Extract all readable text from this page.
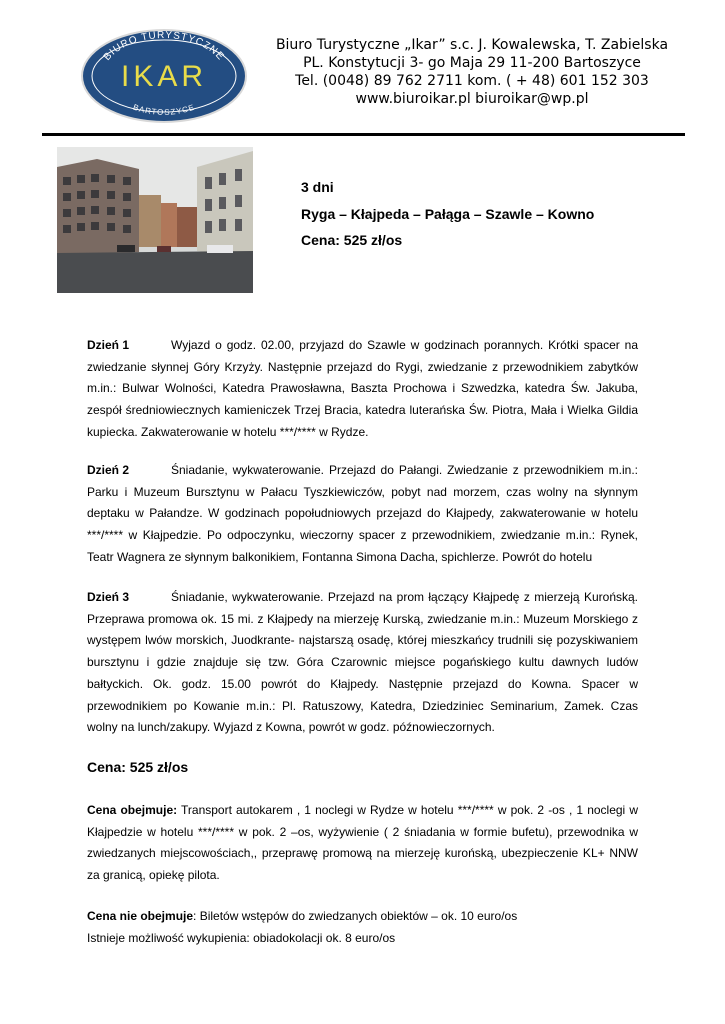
BIURO TURYSTYCZNE
IKAR
BARTOSZYCE
Biuro Turystyczne „Ikar” s.c. J. Kowalewska, T. Zabielska
PL. Konstytucji 3- go Maja 29 11-200 Bartoszyce
Tel. (0048) 89 762 2711 kom. ( + 48) 601 152 303
www.biuroikar.pl biuroikar@wp.pl
3 dni
Ryga – Kłajpeda – Pałąga – Szawle – Kowno
Cena: 525 zł/os
Dzień 1	Wyjazd o godz. 02.00, przyjazd do Szawle w godzinach porannych. Krótki spacer na zwiedzanie słynnej Góry Krzyży. Następnie przejazd do Rygi, zwiedzanie z przewodnikiem zabytków m.in.: Bulwar Wolności, Katedra Prawosławna, Baszta Prochowa i Szwedzka, katedra Św. Jakuba, zespół średniowiecznych kamieniczek Trzej Bracia, katedra luterańska Św. Piotra, Mała i Wielka Gildia kupiecka. Zakwaterowanie w hotelu ***/**** w Rydze.
Dzień 2	Śniadanie, wykwaterowanie. Przejazd do Pałangi. Zwiedzanie z przewodnikiem m.in.: Parku i Muzeum Bursztynu w Pałacu Tyszkiewiczów, pobyt nad morzem, czas wolny na słynnym deptaku w Pałandze. W godzinach popołudniowych przejazd do Kłajpedy, zakwaterowanie w hotelu ***/**** w Kłajpedzie. Po odpoczynku, wieczorny spacer z przewodnikiem, zwiedzanie m.in.: Rynek, Teatr Wagnera ze słynnym balkonikiem, Fontanna Simona Dacha, spichlerze. Powrót do hotelu
Dzień 3	Śniadanie, wykwaterowanie. Przejazd na prom łączący Kłajpedę z mierzeją Kurońską. Przeprawa promowa ok. 15 mi. z Kłajpedy na mierzeję Kurską, zwiedzanie m.in.: Muzeum Morskiego z występem lwów morskich, Juodkrante- najstarszą osadę, której mieszkańcy trudnili się pozyskiwaniem bursztynu i gdzie znajduje się tzw. Góra Czarownic miejsce pogańskiego kultu dawnych ludów bałtyckich. Ok. godz. 15.00 powrót do Kłajpedy. Następnie przejazd do Kowna. Spacer w przewodnikiem po Kowanie m.in.: Pl. Ratuszowy, Katedra, Dziedziniec Seminarium, Zamek. Czas wolny na lunch/zakupy. Wyjazd z Kowna, powrót w godz. późnowieczornych.
Cena: 525 zł/os
Cena obejmuje: Transport autokarem , 1 noclegi w Rydze w hotelu ***/**** w pok. 2 -os , 1 noclegi w Kłajpedzie w hotelu ***/**** w pok. 2 –os, wyżywienie ( 2 śniadania w formie bufetu), przewodnika w zwiedzanych miejscowościach,, przeprawę promową na mierzeję kurońską, ubezpieczenie KL+ NNW za granicą, opiekę pilota.
Cena nie obejmuje: Biletów wstępów do zwiedzanych obiektów – ok. 10 euro/os
Istnieje możliwość wykupienia: obiadokolacji ok. 8 euro/os
